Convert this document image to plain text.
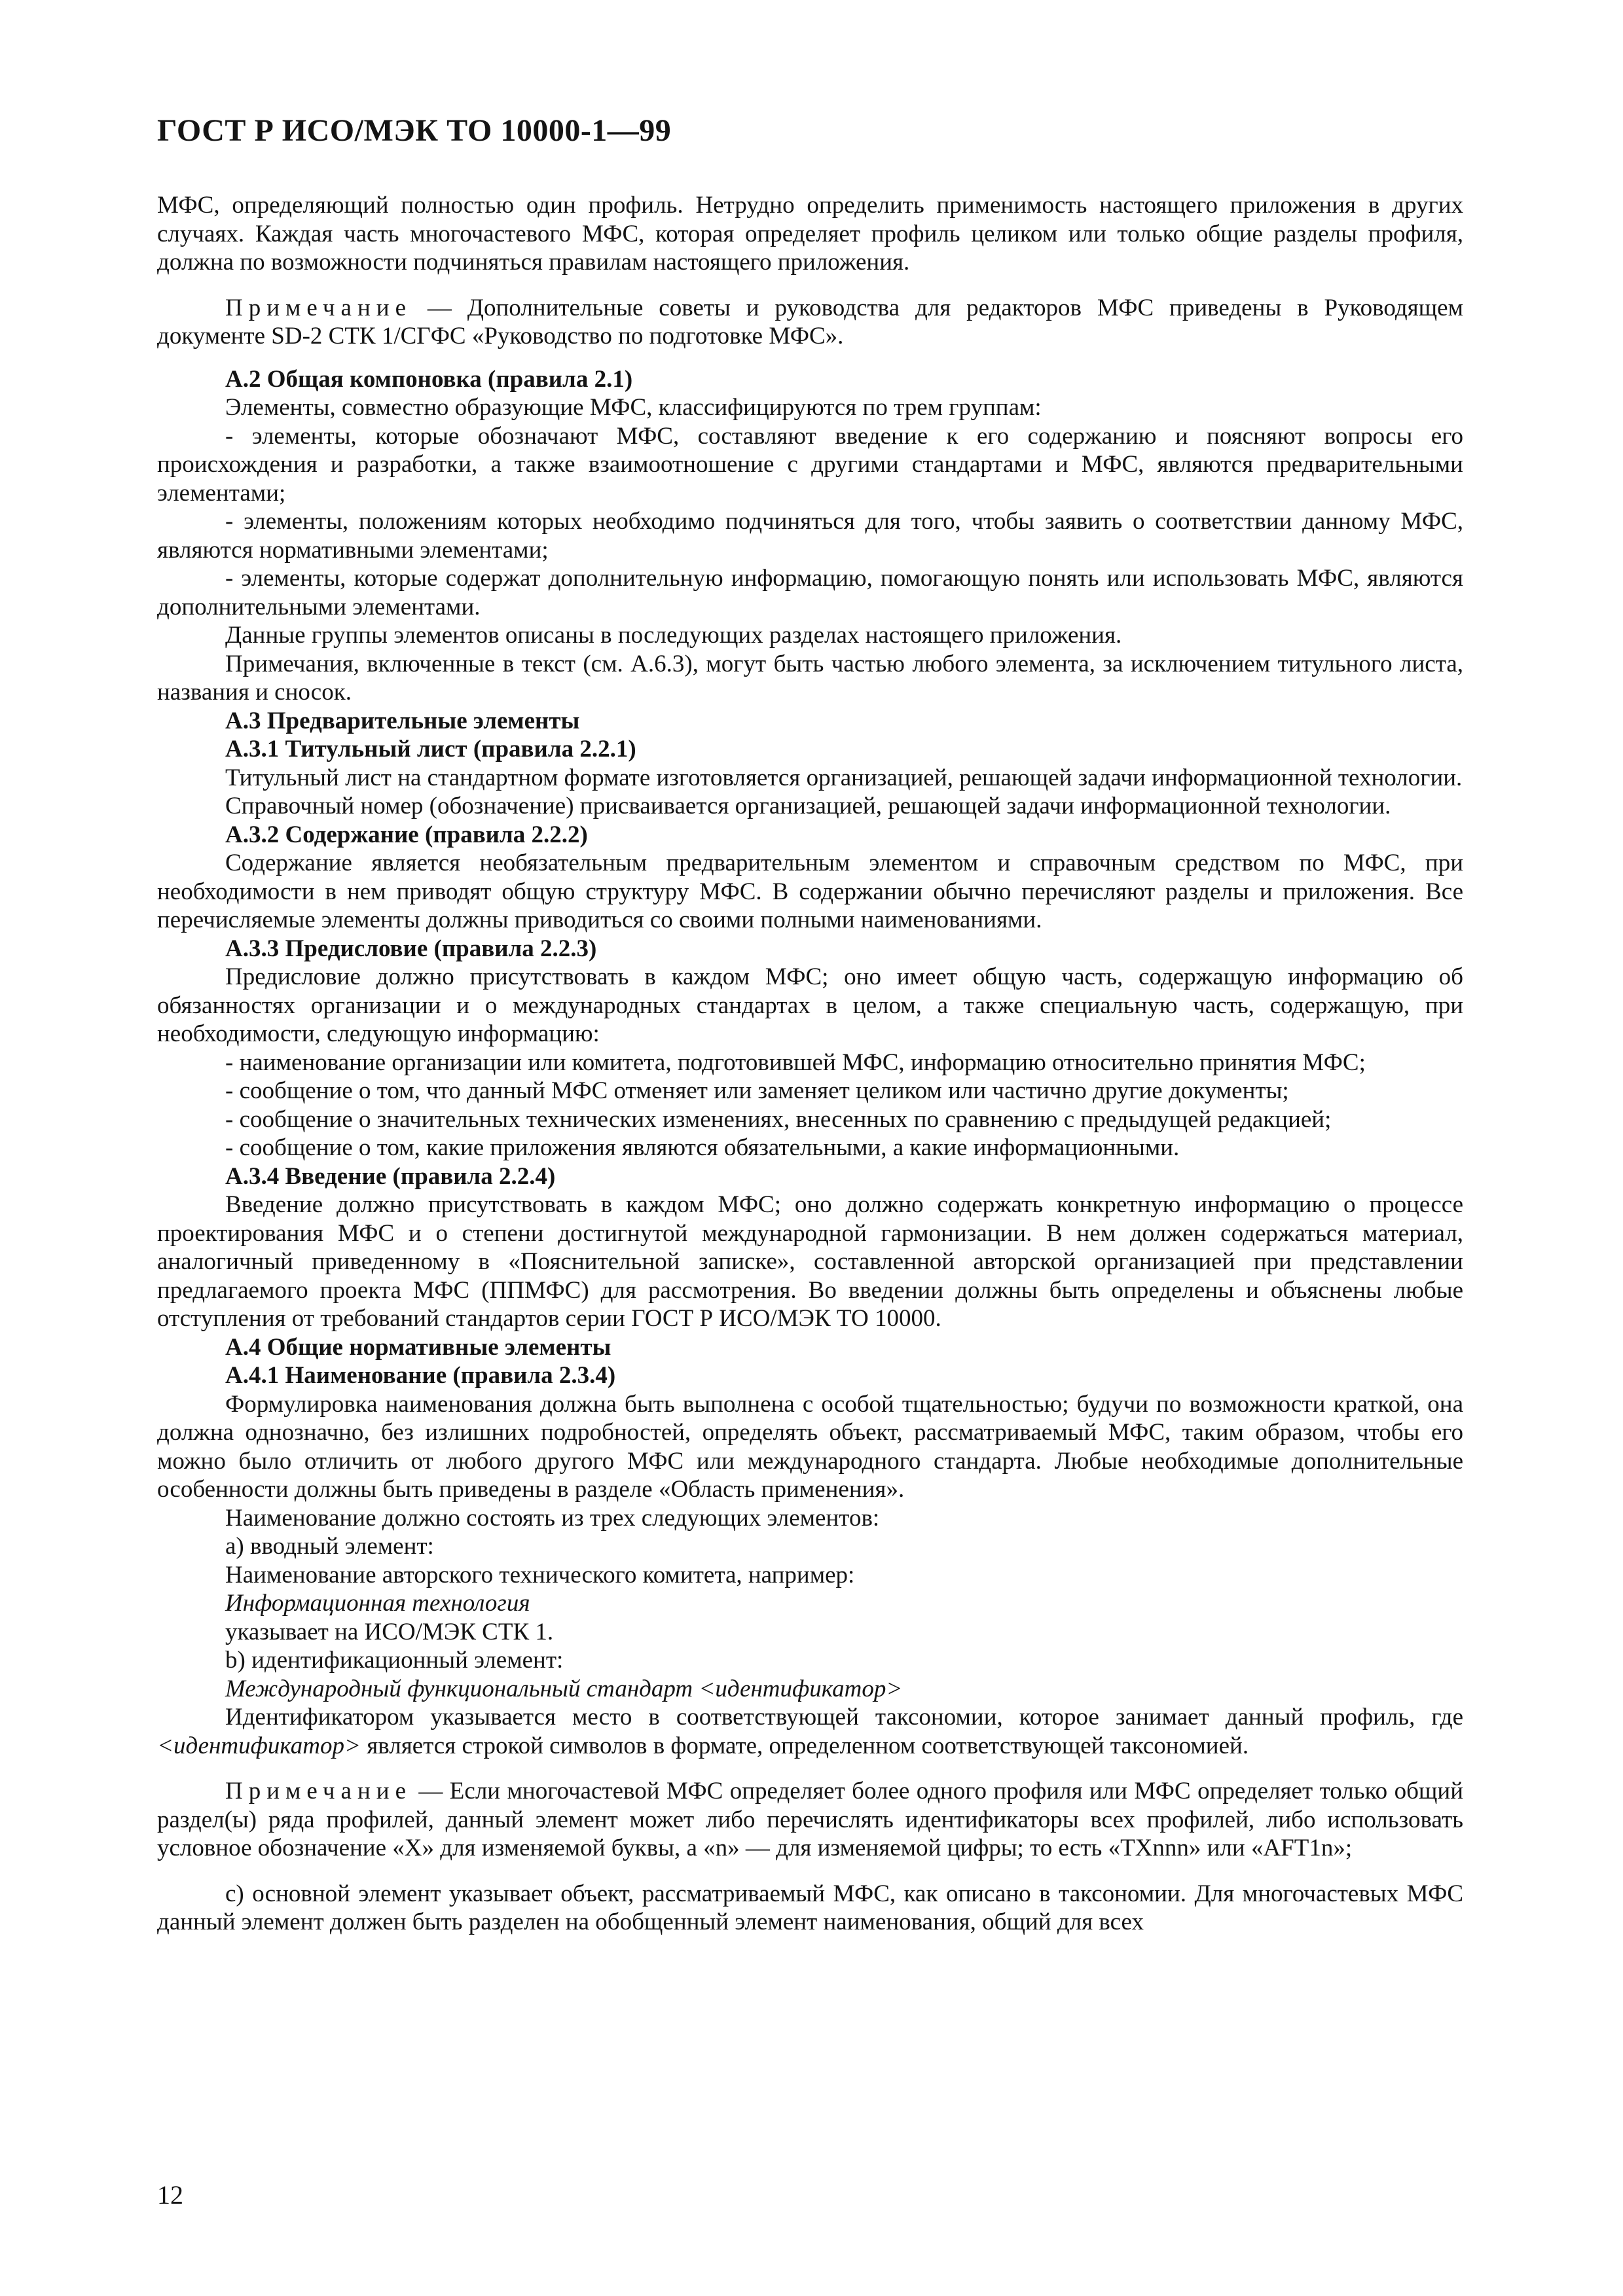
ГОСТ Р ИСО/МЭК ТО 10000-1—99

МФС, определяющий полностью один профиль. Нетрудно определить применимость настоящего приложения в других случаях. Каждая часть многочастевого МФС, которая определяет профиль целиком или только общие разделы профиля, должна по возможности подчиняться правилам настоящего приложения.

Примечание — Дополнительные советы и руководства для редакторов МФС приведены в Руководящем документе SD-2 СТК 1/СГФС «Руководство по подготовке МФС».

А.2 Общая компоновка (правила 2.1)

Элементы, совместно образующие МФС, классифицируются по трем группам:

- элементы, которые обозначают МФС, составляют введение к его содержанию и поясняют вопросы его происхождения и разработки, а также взаимоотношение с другими стандартами и МФС, являются предварительными элементами;

- элементы, положениям которых необходимо подчиняться для того, чтобы заявить о соответствии данному МФС, являются нормативными элементами;

- элементы, которые содержат дополнительную информацию, помогающую понять или использовать МФС, являются дополнительными элементами.

Данные группы элементов описаны в последующих разделах настоящего приложения.

Примечания, включенные в текст (см. А.6.3), могут быть частью любого элемента, за исключением титульного листа, названия и сносок.

А.3 Предварительные элементы

А.3.1 Титульный лист (правила 2.2.1)

Титульный лист на стандартном формате изготовляется организацией, решающей задачи информационной технологии.

Справочный номер (обозначение) присваивается организацией, решающей задачи информационной технологии.

А.3.2 Содержание (правила 2.2.2)

Содержание является необязательным предварительным элементом и справочным средством по МФС, при необходимости в нем приводят общую структуру МФС. В содержании обычно перечисляют разделы и приложения. Все перечисляемые элементы должны приводиться со своими полными наименованиями.

А.3.3 Предисловие (правила 2.2.3)

Предисловие должно присутствовать в каждом МФС; оно имеет общую часть, содержащую информацию об обязанностях организации и о международных стандартах в целом, а также специальную часть, содержащую, при необходимости, следующую информацию:

- наименование организации или комитета, подготовившей МФС, информацию относительно принятия МФС;

- сообщение о том, что данный МФС отменяет или заменяет целиком или частично другие документы;

- сообщение о значительных технических изменениях, внесенных по сравнению с предыдущей редакцией;

- сообщение о том, какие приложения являются обязательными, а какие информационными.

А.3.4 Введение (правила 2.2.4)

Введение должно присутствовать в каждом МФС; оно должно содержать конкретную информацию о процессе проектирования МФС и о степени достигнутой международной гармонизации. В нем должен содержаться материал, аналогичный приведенному в «Пояснительной записке», составленной авторской организацией при представлении предлагаемого проекта МФС (ППМФС) для рассмотрения. Во введении должны быть определены и объяснены любые отступления от требований стандартов серии ГОСТ Р ИСО/МЭК ТО 10000.

А.4 Общие нормативные элементы

А.4.1 Наименование (правила 2.3.4)

Формулировка наименования должна быть выполнена с особой тщательностью; будучи по возможности краткой, она должна однозначно, без излишних подробностей, определять объект, рассматриваемый МФС, таким образом, чтобы его можно было отличить от любого другого МФС или международного стандарта. Любые необходимые дополнительные особенности должны быть приведены в разделе «Область применения».

Наименование должно состоять из трех следующих элементов:

а) вводный элемент:

Наименование авторского технического комитета, например:

Информационная технология

указывает на ИСО/МЭК СТК 1.

b) идентификационный элемент:

Международный функциональный стандарт <идентификатор>

Идентификатором указывается место в соответствующей таксономии, которое занимает данный профиль, где <идентификатор> является строкой символов в формате, определенном соответствующей таксономией.

Примечание — Если многочастевой МФС определяет более одного профиля или МФС определяет только общий раздел(ы) ряда профилей, данный элемент может либо перечислять идентификаторы всех профилей, либо использовать условное обозначение «Х» для изменяемой буквы, а «n» — для изменяемой цифры; то есть «ТХnnn» или «АFТ1n»;

с) основной элемент указывает объект, рассматриваемый МФС, как описано в таксономии. Для многочастевых МФС данный элемент должен быть разделен на обобщенный элемент наименования, общий для всех

12
